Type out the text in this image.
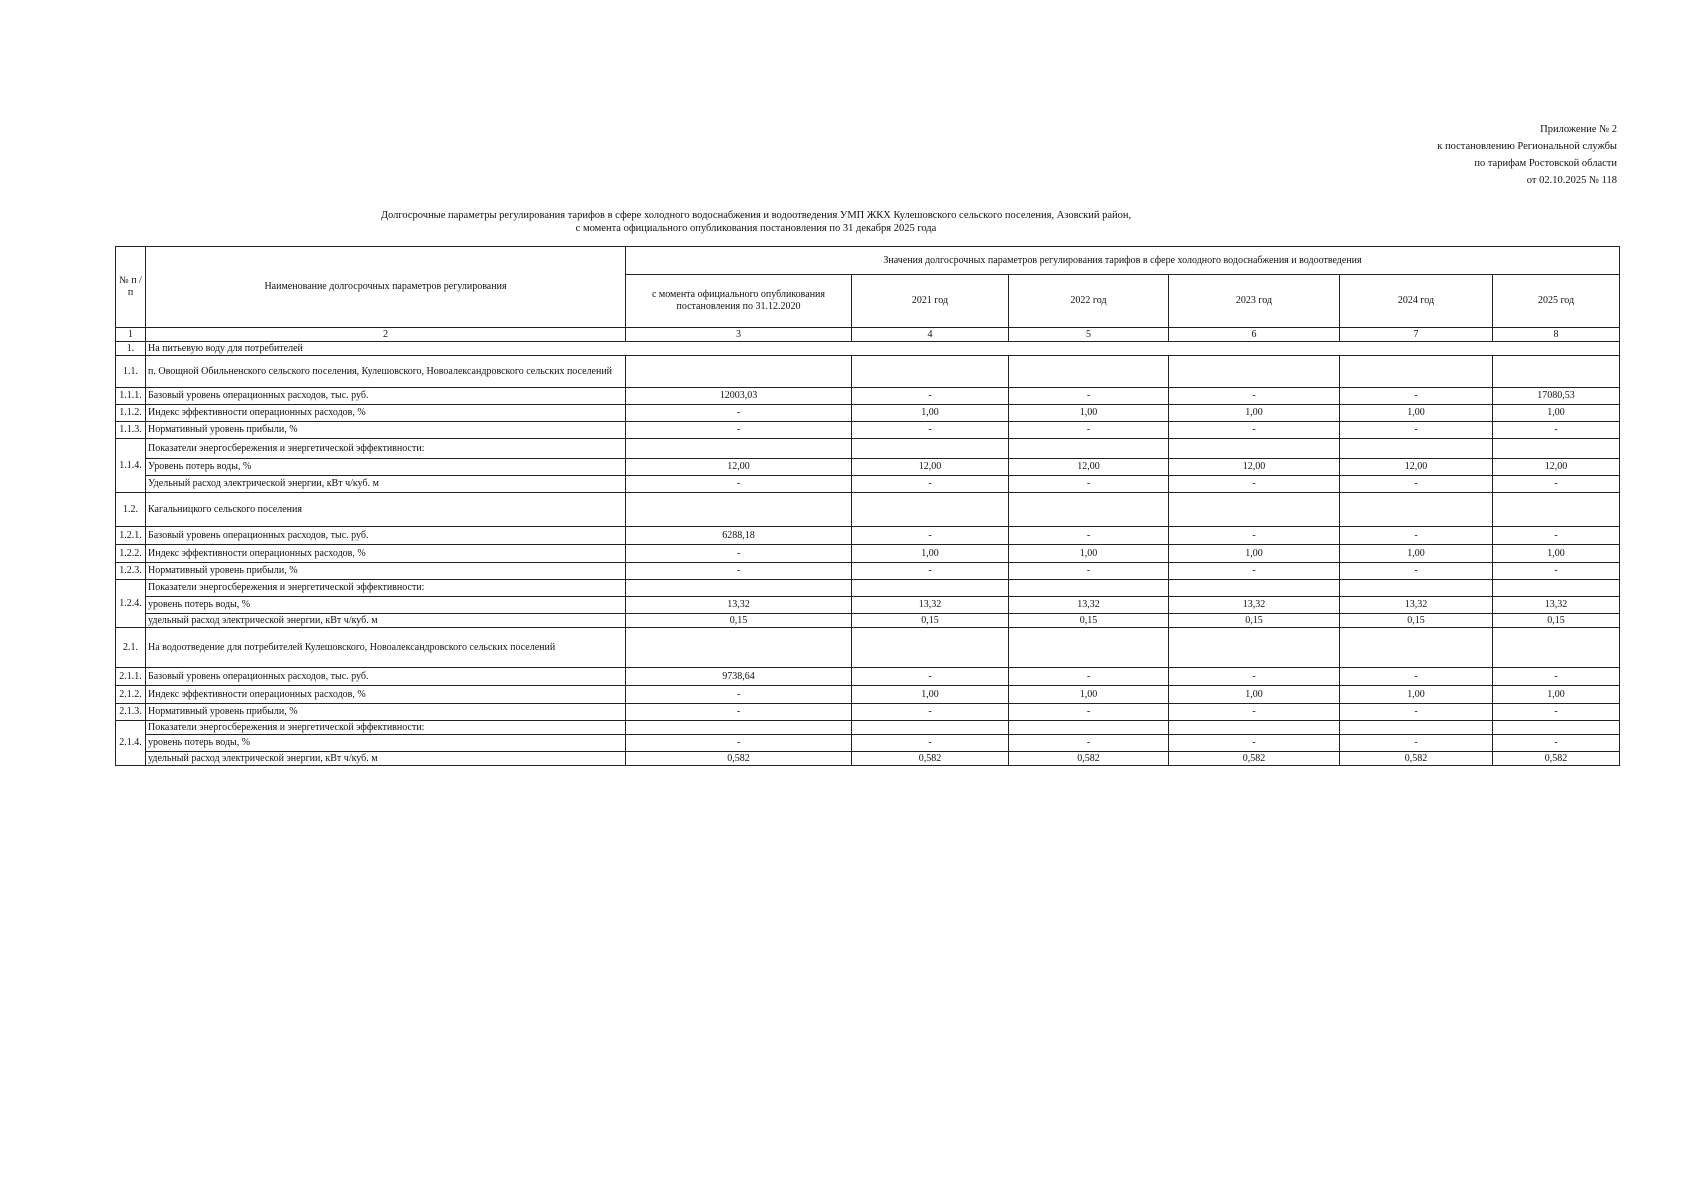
Приложение № 2
к постановлению Региональной службы
по тарифам Ростовской области
от 02.10.2025 № 118
Долгосрочные параметры регулирования тарифов в сфере холодного водоснабжения и водоотведения УМП ЖКХ Кулешовского сельского поселения, Азовский район,
с момента официального опубликования постановления по 31 декабря 2025 года
№ п /п	Наименование долгосрочных параметров регулирования	Значения долгосрочных параметров регулирования тарифов в сфере холодного водоснабжения и водоотведения					
		с момента официального опубликования постановления по 31.12.2020	2021 год	2022 год	2023 год	2024 год	2025 год
1	2	3	4	5	6	7	8
1.	На питьевую воду для потребителей						
1.1.	п. Овощной Обильненского сельского поселения, Кулешовского, Новоалександровского сельских поселений						
1.1.1.	Базовый уровень операционных расходов, тыс. руб.	12003,03	-	-	-	-	17080,53
1.1.2.	Индекс эффективности операционных расходов, %	-	1,00	1,00	1,00	1,00	1,00
1.1.3.	Нормативный уровень прибыли, %	-	-	-	-	-	-
1.1.4.	Показатели энергосбережения и энергетической эффективности:						
	Уровень потерь воды, %	12,00	12,00	12,00	12,00	12,00	12,00
	Удельный расход электрической энергии, кВт ч/куб. м	-	-	-	-	-	-
1.2.	Кагальницкого сельского поселения						
1.2.1.	Базовый уровень операционных расходов, тыс. руб.	6288,18	-	-	-	-	-
1.2.2.	Индекс эффективности операционных расходов, %	-	1,00	1,00	1,00	1,00	1,00
1.2.3.	Нормативный уровень прибыли, %	-	-	-	-	-	-
1.2.4.	Показатели энергосбережения и энергетической эффективности:						
	уровень потерь воды, %	13,32	13,32	13,32	13,32	13,32	13,32
	удельный расход электрической энергии, кВт ч/куб. м	0,15	0,15	0,15	0,15	0,15	0,15
2.1.	На водоотведение для потребителей Кулешовского, Новоалександровского сельских поселений						
2.1.1.	Базовый уровень операционных расходов, тыс. руб.	9738,64	-	-	-	-	-
2.1.2.	Индекс эффективности операционных расходов, %	-	1,00	1,00	1,00	1,00	1,00
2.1.3.	Нормативный уровень прибыли, %	-	-	-	-	-	-
2.1.4.	Показатели энергосбережения и энергетической эффективности:						
	уровень потерь воды, %	-	-	-	-	-	-
	удельный расход электрической энергии, кВт ч/куб. м	0,582	0,582	0,582	0,582	0,582	0,582
